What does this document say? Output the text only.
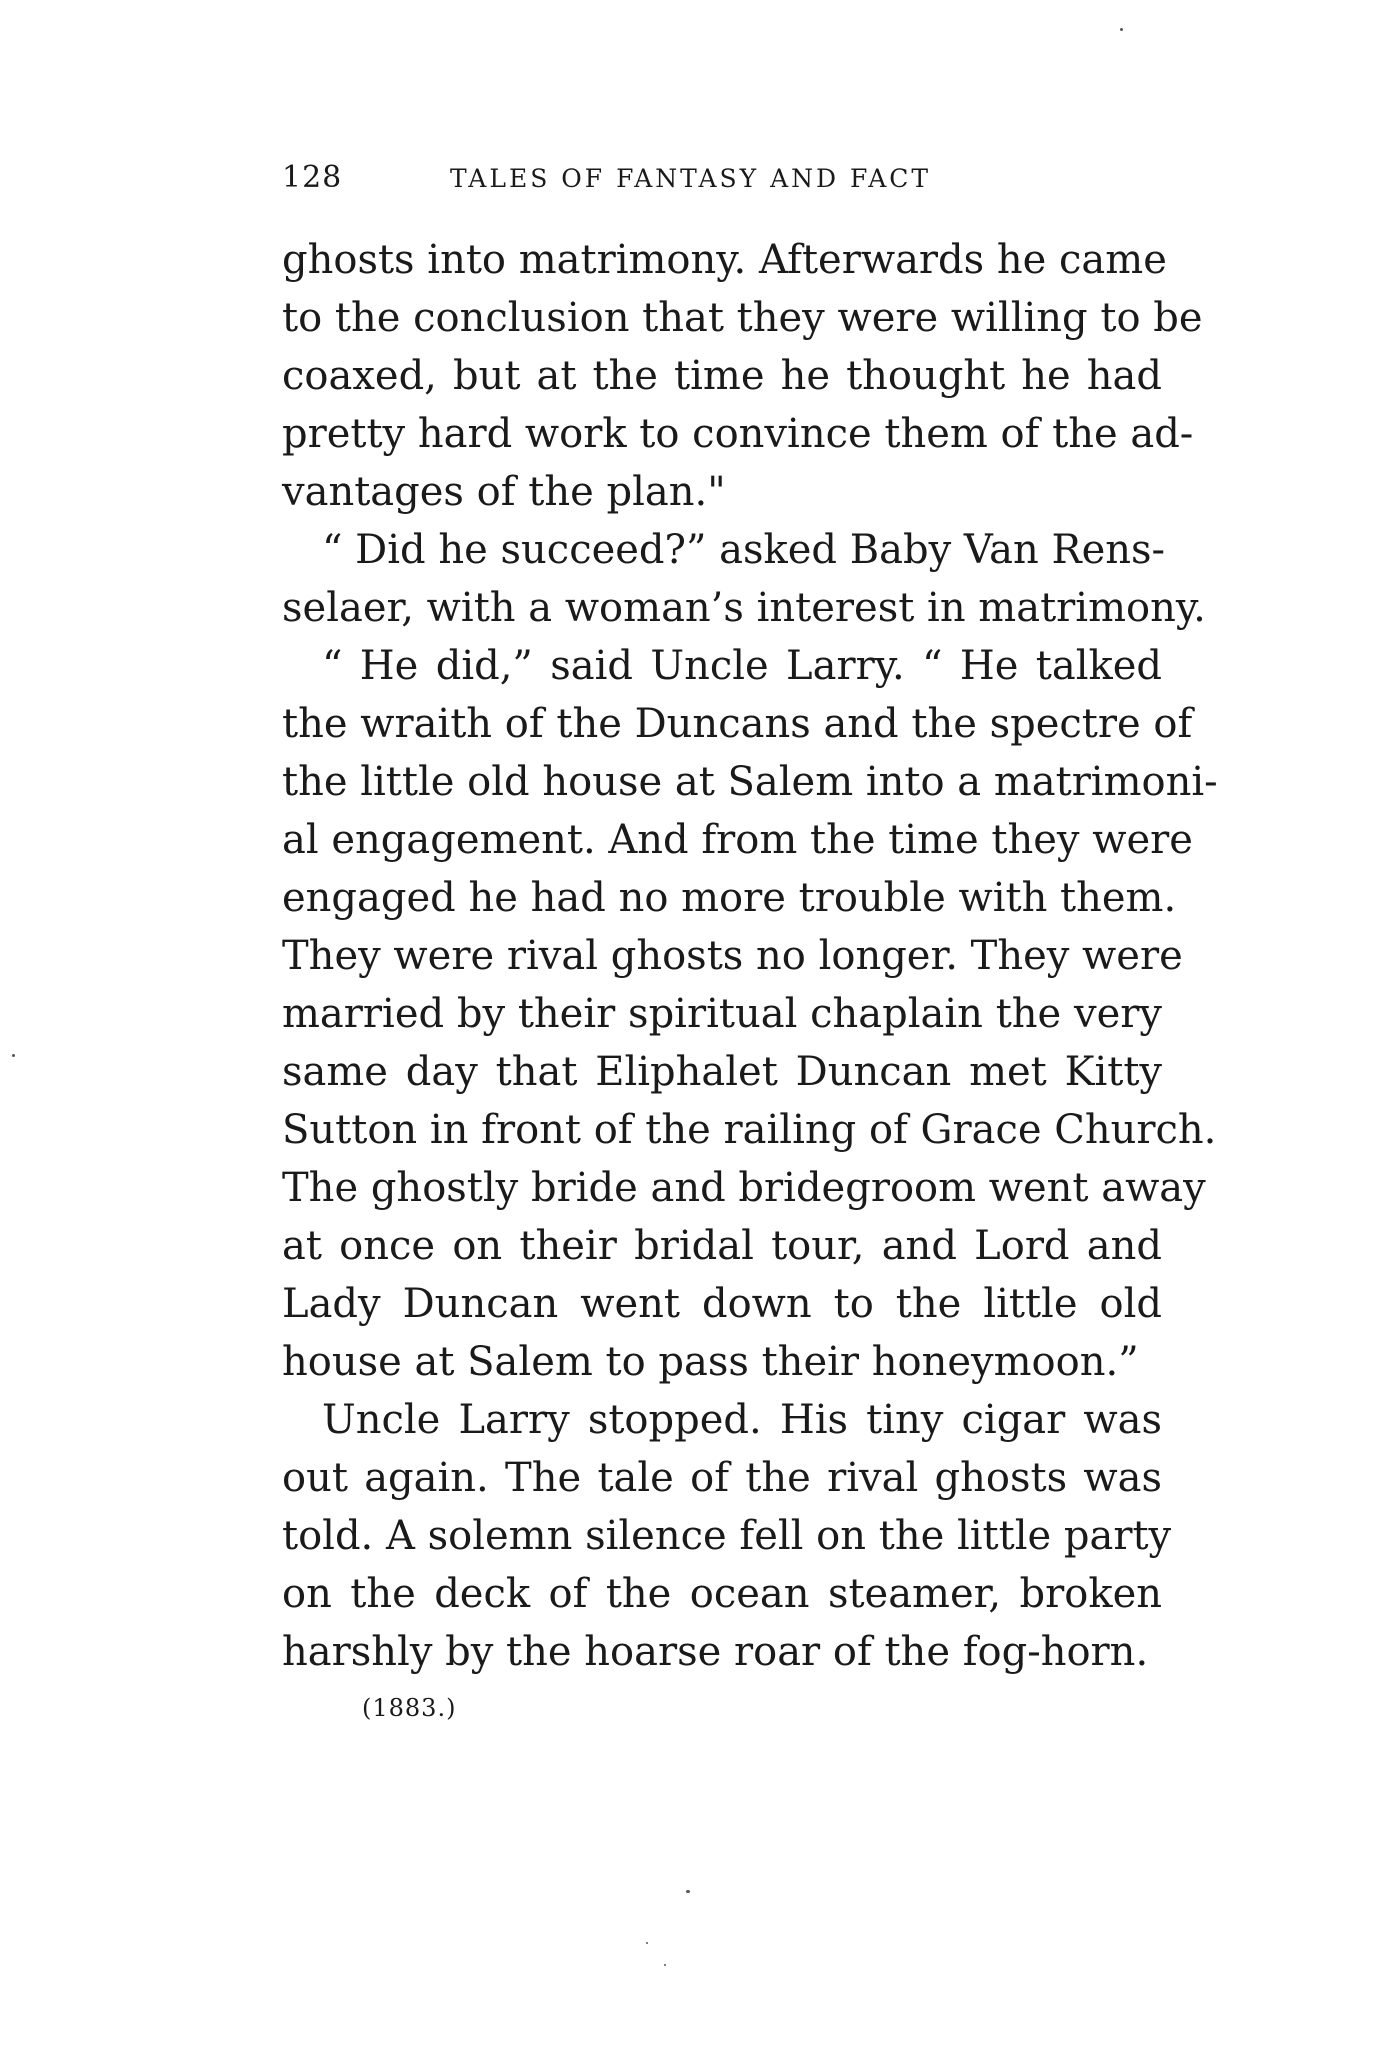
128	TALES OF FANTASY AND FACT
ghosts into matrimony. Afterwards he came
to the conclusion that they were willing to be
coaxed, but at the time he thought he had
pretty hard work to convince them of the ad-
vantages of the plan."
“ Did he succeed?” asked Baby Van Rens-
selaer, with a woman’s interest in matrimony.
“ He did,” said Uncle Larry. “ He talked
the wraith of the Duncans and the spectre of
the little old house at Salem into a matrimoni-
al engagement. And from the time they were
engaged he had no more trouble with them.
They were rival ghosts no longer. They were
married by their spiritual chaplain the very
same day that Eliphalet Duncan met Kitty
Sutton in front of the railing of Grace Church.
The ghostly bride and bridegroom went away
at once on their bridal tour, and Lord and
Lady Duncan went down to the little old
house at Salem to pass their honeymoon.”
Uncle Larry stopped. His tiny cigar was
out again. The tale of the rival ghosts was
told. A solemn silence fell on the little party
on the deck of the ocean steamer, broken
harshly by the hoarse roar of the fog-horn.
(1883.)
